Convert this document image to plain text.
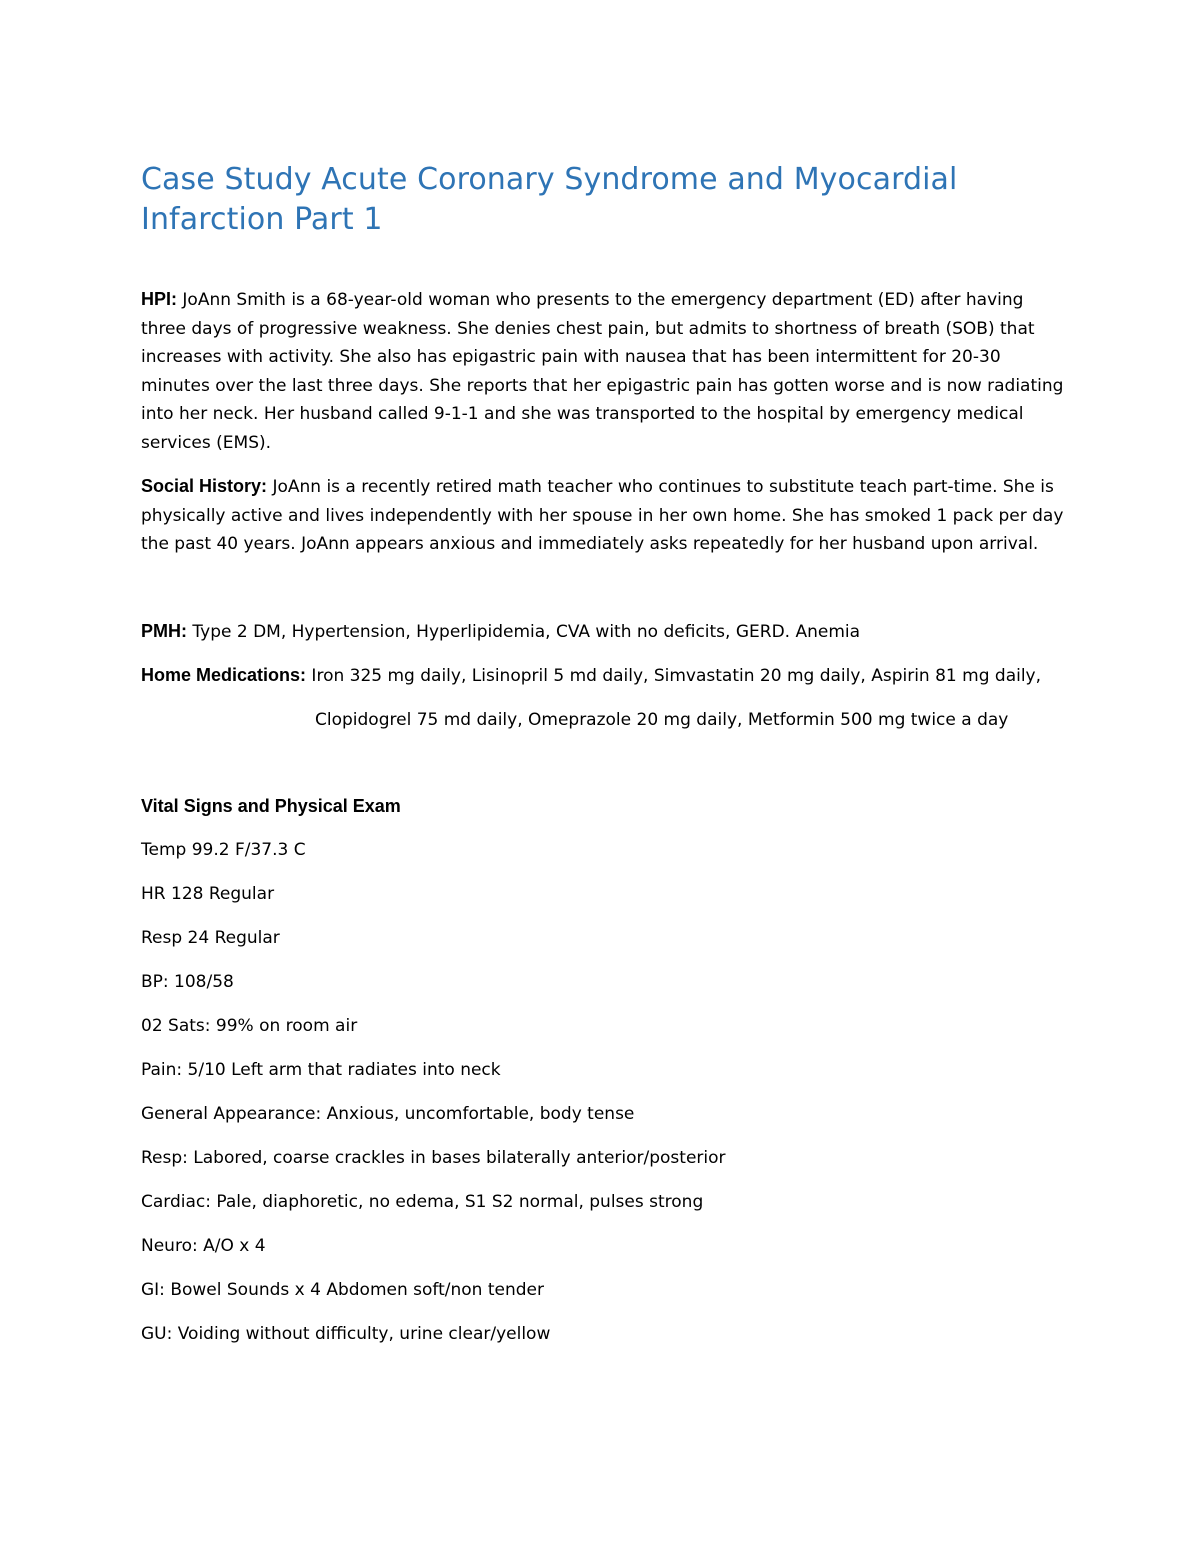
Case Study Acute Coronary Syndrome and Myocardial Infarction Part 1

HPI: JoAnn Smith is a 68-year-old woman who presents to the emergency department (ED) after having three days of progressive weakness. She denies chest pain, but admits to shortness of breath (SOB) that increases with activity. She also has epigastric pain with nausea that has been intermittent for 20-30 minutes over the last three days. She reports that her epigastric pain has gotten worse and is now radiating into her neck. Her husband called 9-1-1 and she was transported to the hospital by emergency medical services (EMS).

Social History: JoAnn is a recently retired math teacher who continues to substitute teach part-time. She is physically active and lives independently with her spouse in her own home. She has smoked 1 pack per day the past 40 years. JoAnn appears anxious and immediately asks repeatedly for her husband upon arrival.

PMH: Type 2 DM, Hypertension, Hyperlipidemia, CVA with no deficits, GERD. Anemia

Home Medications: Iron 325 mg daily, Lisinopril 5 md daily, Simvastatin 20 mg daily, Aspirin 81 mg daily,

Clopidogrel 75 md daily, Omeprazole 20 mg daily, Metformin 500 mg twice a day

Vital Signs and Physical Exam

Temp 99.2 F/37.3 C
HR 128 Regular
Resp 24 Regular
BP: 108/58
02 Sats: 99% on room air
Pain: 5/10 Left arm that radiates into neck
General Appearance: Anxious, uncomfortable, body tense
Resp: Labored, coarse crackles in bases bilaterally anterior/posterior
Cardiac: Pale, diaphoretic, no edema, S1 S2 normal, pulses strong
Neuro: A/O x 4
GI: Bowel Sounds x 4 Abdomen soft/non tender
GU: Voiding without difficulty, urine clear/yellow
